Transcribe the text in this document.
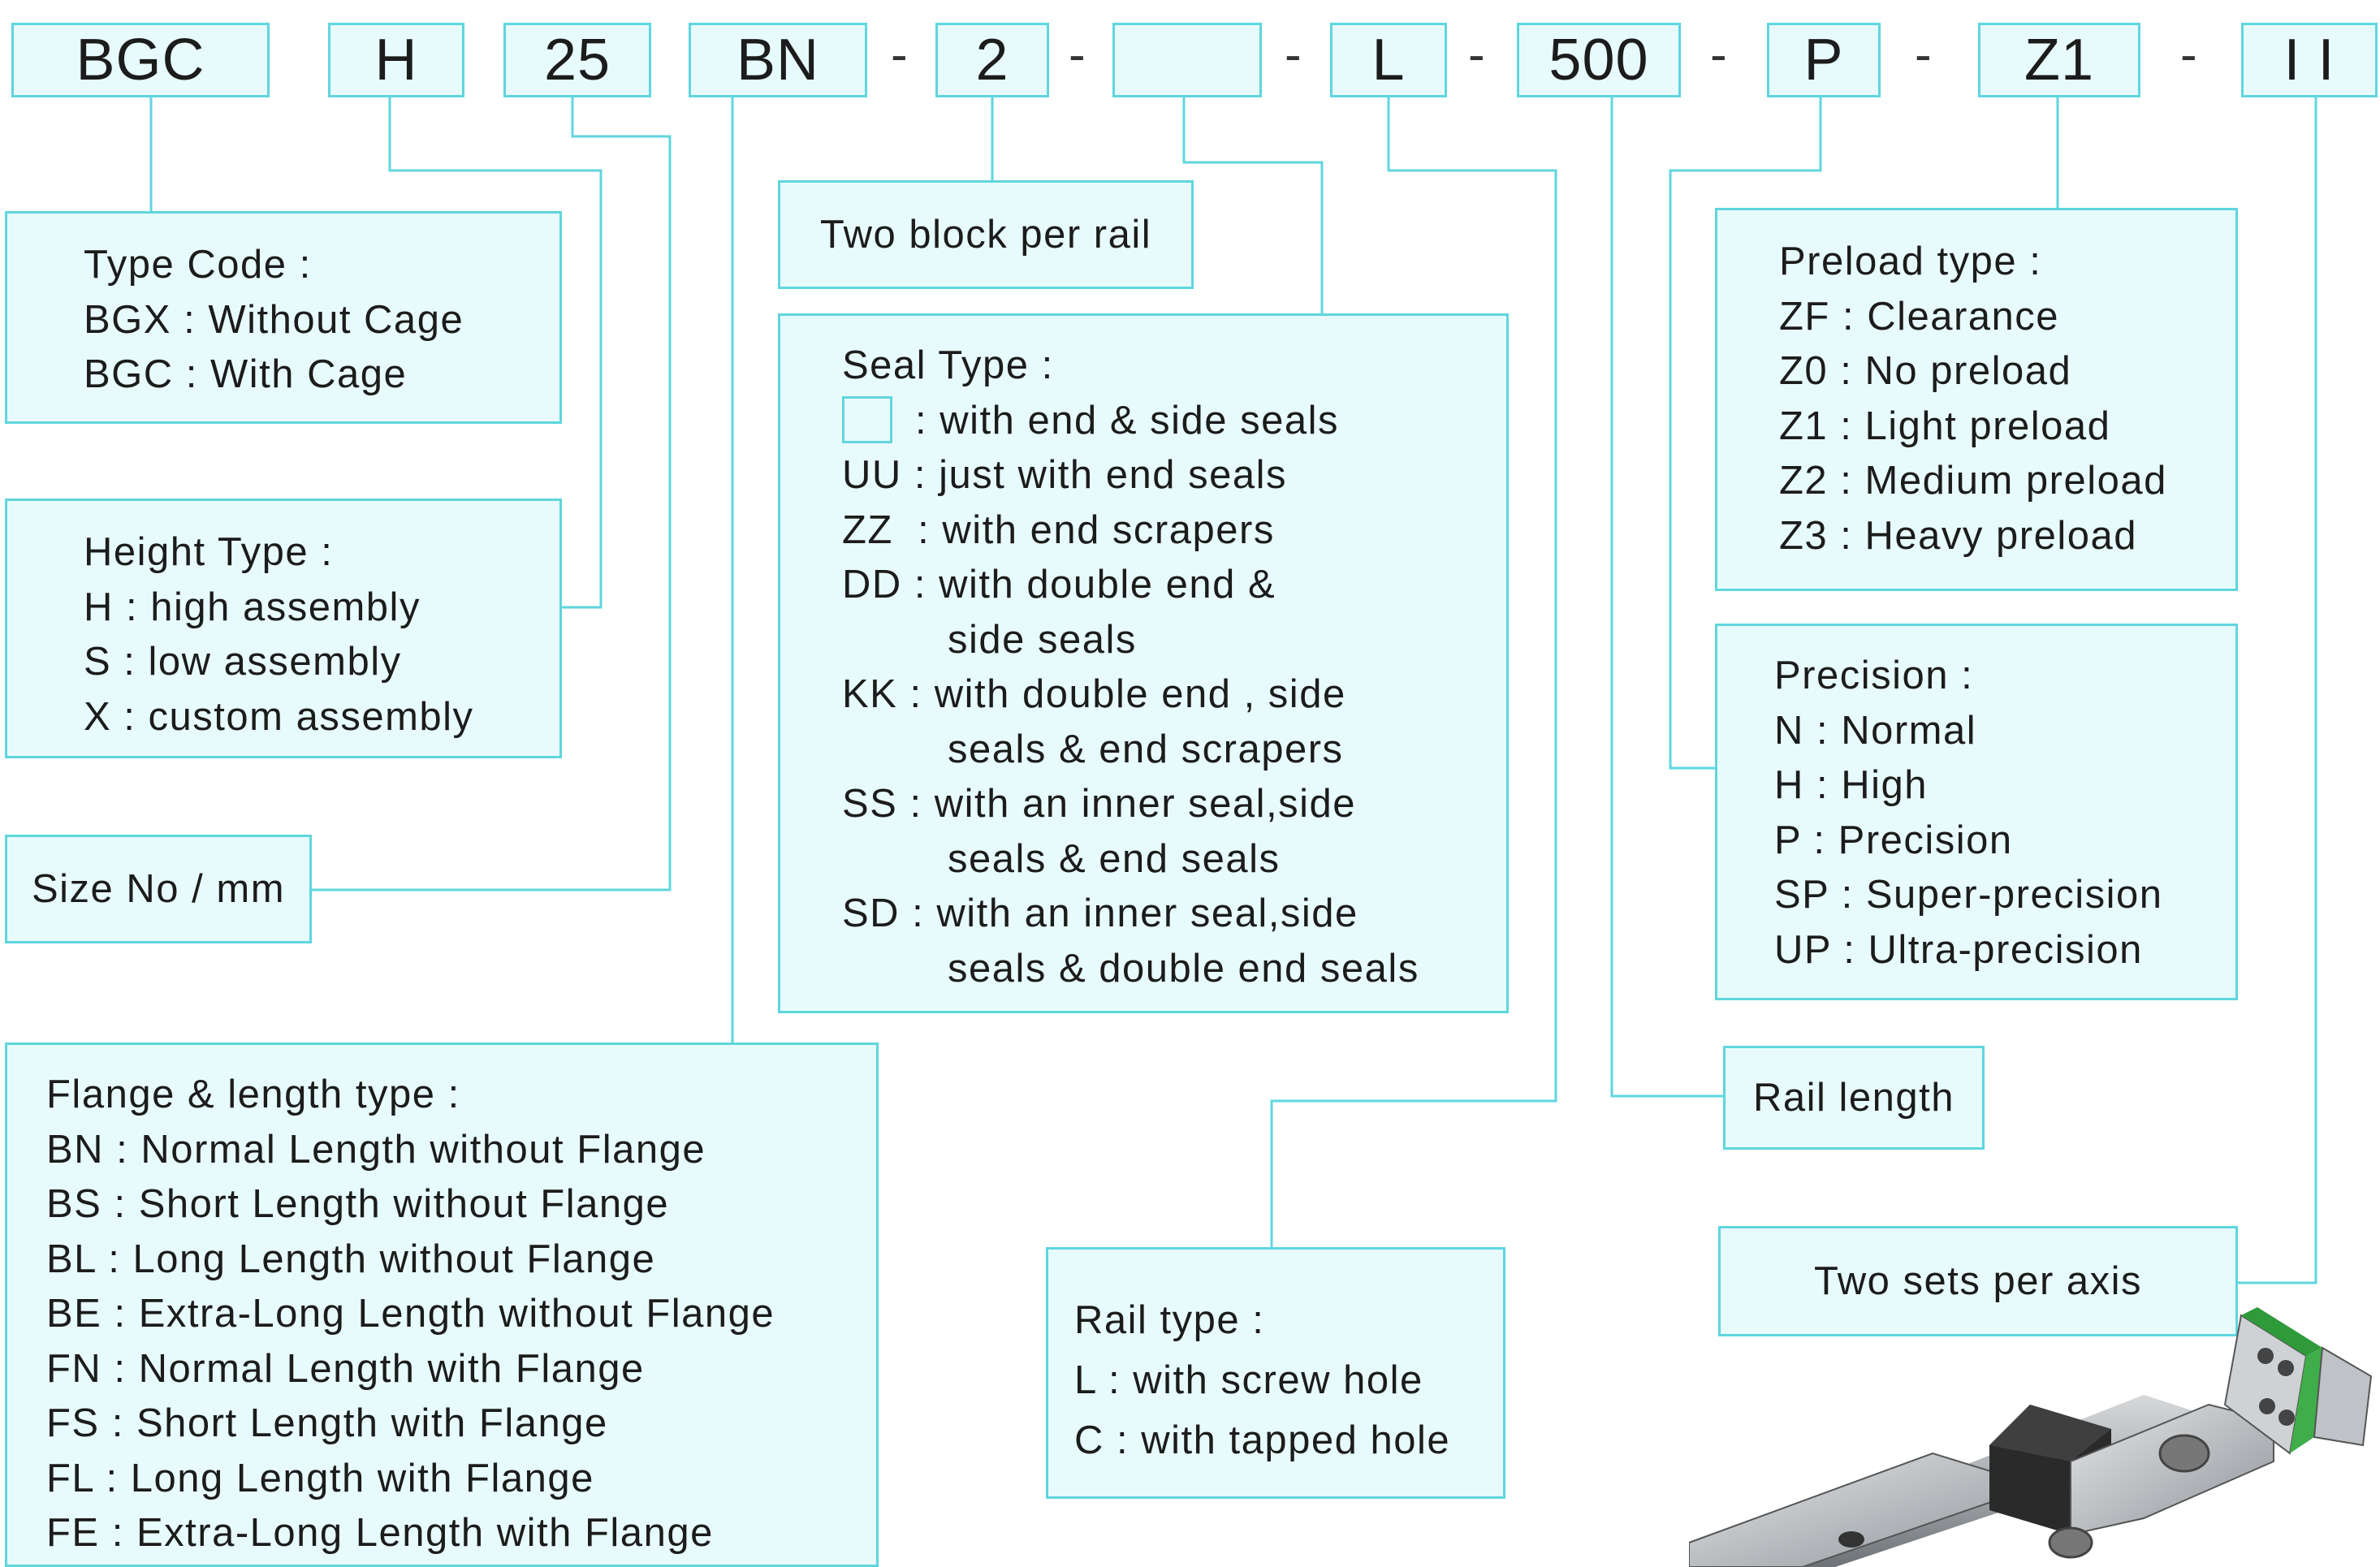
BGC	H	25	BN	-	2	-	-	L	-	500	-	P	-	Z1	-	I I
Type Code :
BGX : Without Cage
BGC : With Cage
Height Type :
H : high assembly
S : low assembly
X : custom assembly
Size No / mm
Flange & length type :
BN : Normal Length without Flange
BS : Short Length without Flange
BL : Long Length without Flange
BE : Extra-Long Length without Flange
FN : Normal Length with Flange
FS : Short Length with Flange
FL : Long Length with Flange
FE : Extra-Long Length with Flange
Two block per rail
Seal Type :
: with end & side seals
UU : just with end seals
ZZ  : with end scrapers
DD : with double end &
side seals
KK : with double end , side
seals & end scrapers
SS : with an inner seal,side
seals & end seals
SD : with an inner seal,side
seals & double end seals
Rail type :
L : with screw hole
C : with tapped hole
Rail length
Preload type :
ZF : Clearance
Z0 : No preload
Z1 : Light preload
Z2 : Medium preload
Z3 : Heavy preload
Precision :
N : Normal
H : High
P : Precision
SP : Super-precision
UP : Ultra-precision
Two sets per axis
